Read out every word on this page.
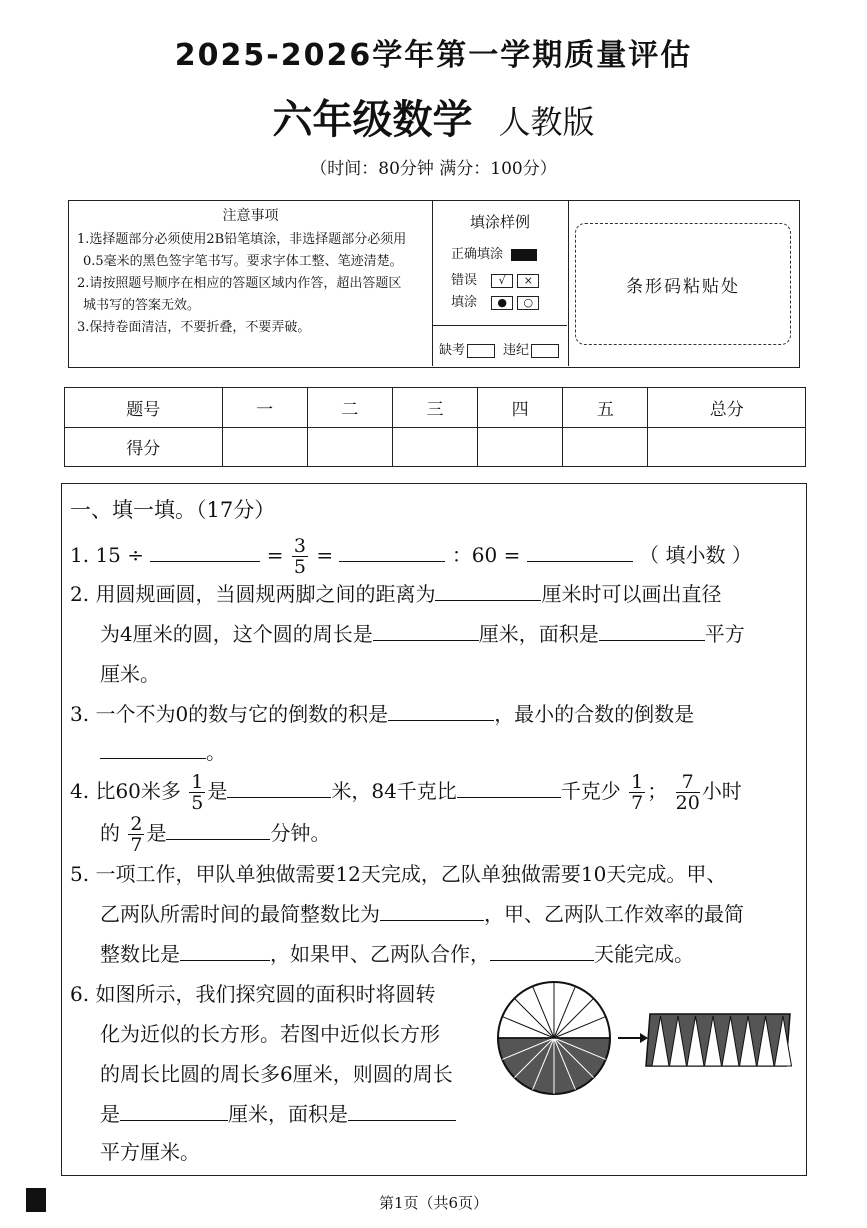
2025-2026学年第一学期质量评估
六年级数学 人教版
（时间：80分钟 满分：100分）
注意事项
1.选择题部分必须使用2B铅笔填涂，非选择题部分必须用
0.5毫米的黑色签字笔书写。要求字体工整、笔迹清楚。
2.请按照题号顺序在相应的答题区域内作答，超出答题区
城书写的答案无效。
3.保持卷面清洁，不要折叠，不要弄破。
填涂样例
正确填涂
错误 √ ×
填涂 ● ○
缺考	违纪
条形码粘贴处
题号	一	二	三	四	五	总分
得分						
一、填一填。（17分）
1. 15 ÷	= $\frac{3}{5}$ =	：60 =	（ 填小数 ）
2. 用圆规画圆，当圆规两脚之间的距离为	厘米时可以画出直径
为4厘米的圆，这个圆的周长是	厘米，面积是	平方
厘米。
3. 一个不为0的数与它的倒数的积是	，最小的合数的倒数是
。
4. 比60米多 $\frac{1}{5}$ 是	米，84千克比	千克少 $\frac{1}{7}$ ； $\frac{7}{20}$ 小时
的 $\frac{2}{7}$ 是	分钟。
5. 一项工作，甲队单独做需要12天完成，乙队单独做需要10天完成。甲、
乙两队所需时间的最简整数比为	，甲、乙两队工作效率的最简
整数比是	，如果甲、乙两队合作，	天能完成。
6. 如图所示，我们探究圆的面积时将圆转
化为近似的长方形。若图中近似长方形
的周长比圆的周长多6厘米，则圆的周长
是	厘米，面积是
平方厘米。
第1页（共6页）
